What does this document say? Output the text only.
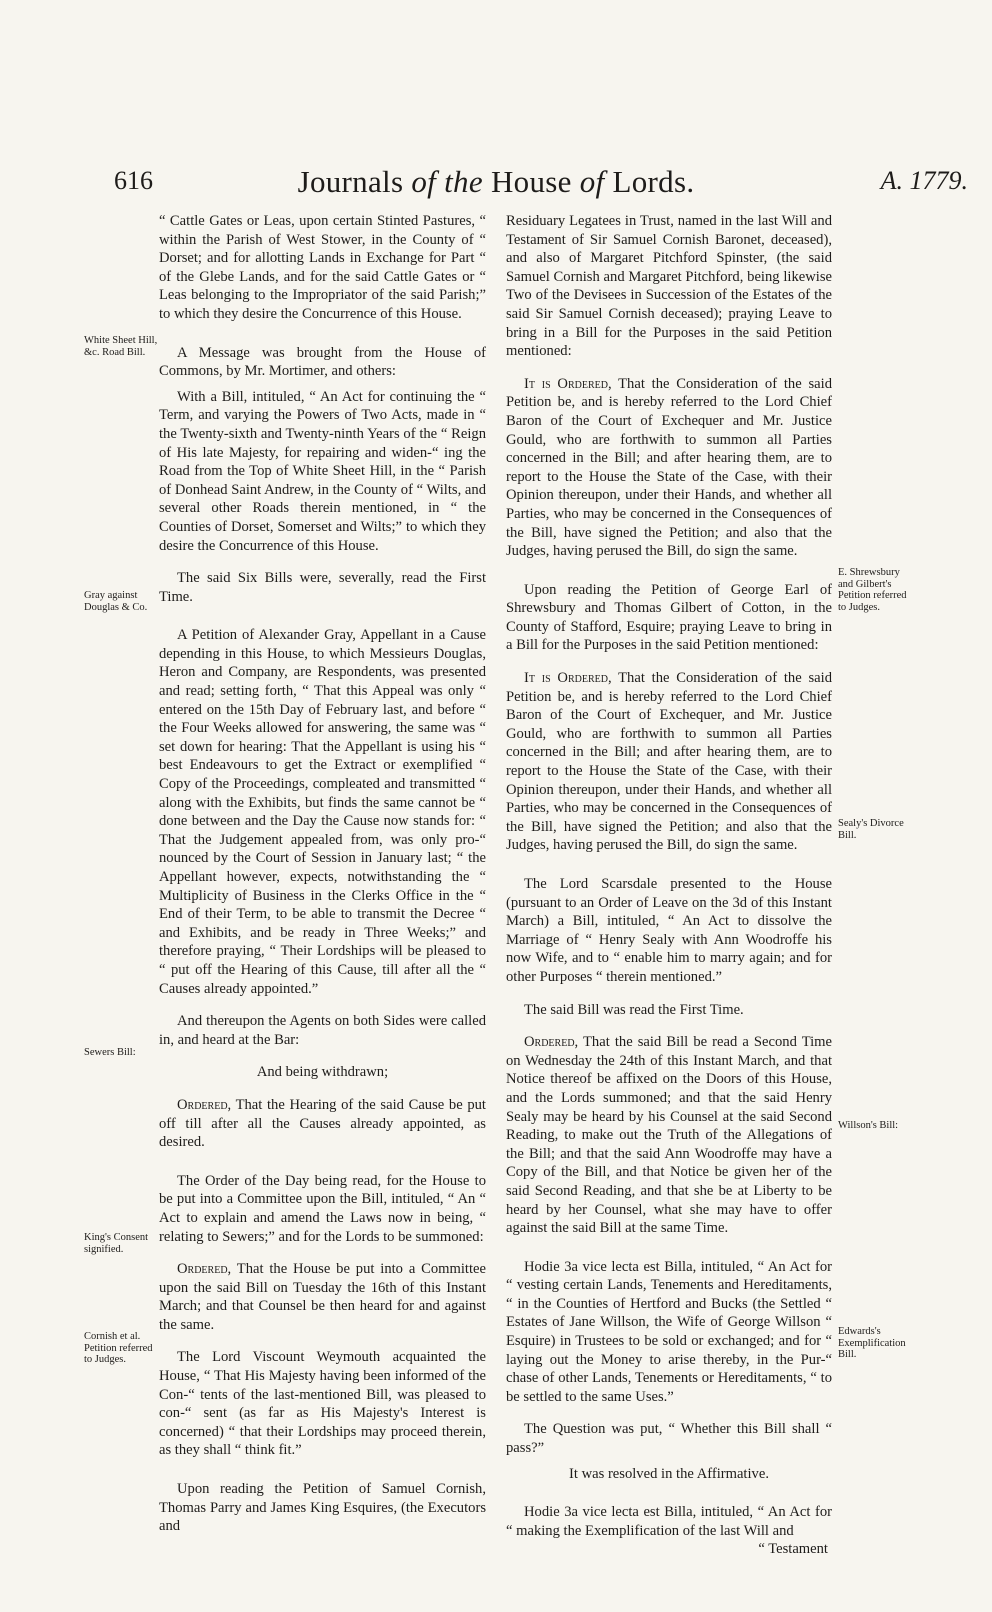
616	Journals of the House of Lords.	A. 1779.
White Sheet Hill, &c. Road Bill.
Gray against Douglas & Co.
Sewers Bill:
King's Consent signified.
Cornish et al. Petition referred to Judges.
E. Shrewsbury and Gilbert's Petition referred to Judges.
Sealy's Divorce Bill.
Willson's Bill:
Edwards's Exemplification Bill.

“ Cattle Gates or Leas, upon certain Stinted Pastures, “ within the Parish of West Stower, in the County of “ Dorset; and for allotting Lands in Exchange for Part “ of the Glebe Lands, and for the said Cattle Gates or “ Leas belonging to the Impropriator of the said Parish;” to which they desire the Concurrence of this House.

A Message was brought from the House of Commons, by Mr. Mortimer, and others:

With a Bill, intituled, “ An Act for continuing the “ Term, and varying the Powers of Two Acts, made in “ the Twenty-sixth and Twenty-ninth Years of the “ Reign of His late Majesty, for repairing and widen-“ ing the Road from the Top of White Sheet Hill, in the “ Parish of Donhead Saint Andrew, in the County of “ Wilts, and several other Roads therein mentioned, in “ the Counties of Dorset, Somerset and Wilts;” to which they desire the Concurrence of this House.

The said Six Bills were, severally, read the First Time.

A Petition of Alexander Gray, Appellant in a Cause depending in this House, to which Messieurs Douglas, Heron and Company, are Respondents, was presented and read; setting forth, “ That this Appeal was only “ entered on the 15th Day of February last, and before “ the Four Weeks allowed for answering, the same was “ set down for hearing: That the Appellant is using his “ best Endeavours to get the Extract or exemplified “ Copy of the Proceedings, compleated and transmitted “ along with the Exhibits, but finds the same cannot be “ done between and the Day the Cause now stands for: “ That the Judgement appealed from, was only pro-“ nounced by the Court of Session in January last; “ the Appellant however, expects, notwithstanding the “ Multiplicity of Business in the Clerks Office in the “ End of their Term, to be able to transmit the Decree “ and Exhibits, and be ready in Three Weeks;” and therefore praying, “ Their Lordships will be pleased to “ put off the Hearing of this Cause, till after all the “ Causes already appointed.”

And thereupon the Agents on both Sides were called in, and heard at the Bar:

And being withdrawn;

Ordered, That the Hearing of the said Cause be put off till after all the Causes already appointed, as desired.

The Order of the Day being read, for the House to be put into a Committee upon the Bill, intituled, “ An “ Act to explain and amend the Laws now in being, “ relating to Sewers;” and for the Lords to be summoned:

Ordered, That the House be put into a Committee upon the said Bill on Tuesday the 16th of this Instant March; and that Counsel be then heard for and against the same.

The Lord Viscount Weymouth acquainted the House, “ That His Majesty having been informed of the Con-“ tents of the last-mentioned Bill, was pleased to con-“ sent (as far as His Majesty's Interest is concerned) “ that their Lordships may proceed therein, as they shall “ think fit.”

Upon reading the Petition of Samuel Cornish, Thomas Parry and James King Esquires, (the Executors and

Residuary Legatees in Trust, named in the last Will and Testament of Sir Samuel Cornish Baronet, deceased), and also of Margaret Pitchford Spinster, (the said Samuel Cornish and Margaret Pitchford, being likewise Two of the Devisees in Succession of the Estates of the said Sir Samuel Cornish deceased); praying Leave to bring in a Bill for the Purposes in the said Petition mentioned:

It is Ordered, That the Consideration of the said Petition be, and is hereby referred to the Lord Chief Baron of the Court of Exchequer and Mr. Justice Gould, who are forthwith to summon all Parties concerned in the Bill; and after hearing them, are to report to the House the State of the Case, with their Opinion thereupon, under their Hands, and whether all Parties, who may be concerned in the Consequences of the Bill, have signed the Petition; and also that the Judges, having perused the Bill, do sign the same.

Upon reading the Petition of George Earl of Shrewsbury and Thomas Gilbert of Cotton, in the County of Stafford, Esquire; praying Leave to bring in a Bill for the Purposes in the said Petition mentioned:

It is Ordered, That the Consideration of the said Petition be, and is hereby referred to the Lord Chief Baron of the Court of Exchequer, and Mr. Justice Gould, who are forthwith to summon all Parties concerned in the Bill; and after hearing them, are to report to the House the State of the Case, with their Opinion thereupon, under their Hands, and whether all Parties, who may be concerned in the Consequences of the Bill, have signed the Petition; and also that the Judges, having perused the Bill, do sign the same.

The Lord Scarsdale presented to the House (pursuant to an Order of Leave on the 3d of this Instant March) a Bill, intituled, “ An Act to dissolve the Marriage of “ Henry Sealy with Ann Woodroffe his now Wife, and to “ enable him to marry again; and for other Purposes “ therein mentioned.”

The said Bill was read the First Time.

Ordered, That the said Bill be read a Second Time on Wednesday the 24th of this Instant March, and that Notice thereof be affixed on the Doors of this House, and the Lords summoned; and that the said Henry Sealy may be heard by his Counsel at the said Second Reading, to make out the Truth of the Allegations of the Bill; and that the said Ann Woodroffe may have a Copy of the Bill, and that Notice be given her of the said Second Reading, and that she be at Liberty to be heard by her Counsel, what she may have to offer against the said Bill at the same Time.

Hodie 3a vice lecta est Billa, intituled, “ An Act for “ vesting certain Lands, Tenements and Hereditaments, “ in the Counties of Hertford and Bucks (the Settled “ Estates of Jane Willson, the Wife of George Willson “ Esquire) in Trustees to be sold or exchanged; and for “ laying out the Money to arise thereby, in the Pur-“ chase of other Lands, Tenements or Hereditaments, “ to be settled to the same Uses.”

The Question was put, “ Whether this Bill shall “ pass?”

It was resolved in the Affirmative.

Hodie 3a vice lecta est Billa, intituled, “ An Act for “ making the Exemplification of the last Will and

“ Testament
